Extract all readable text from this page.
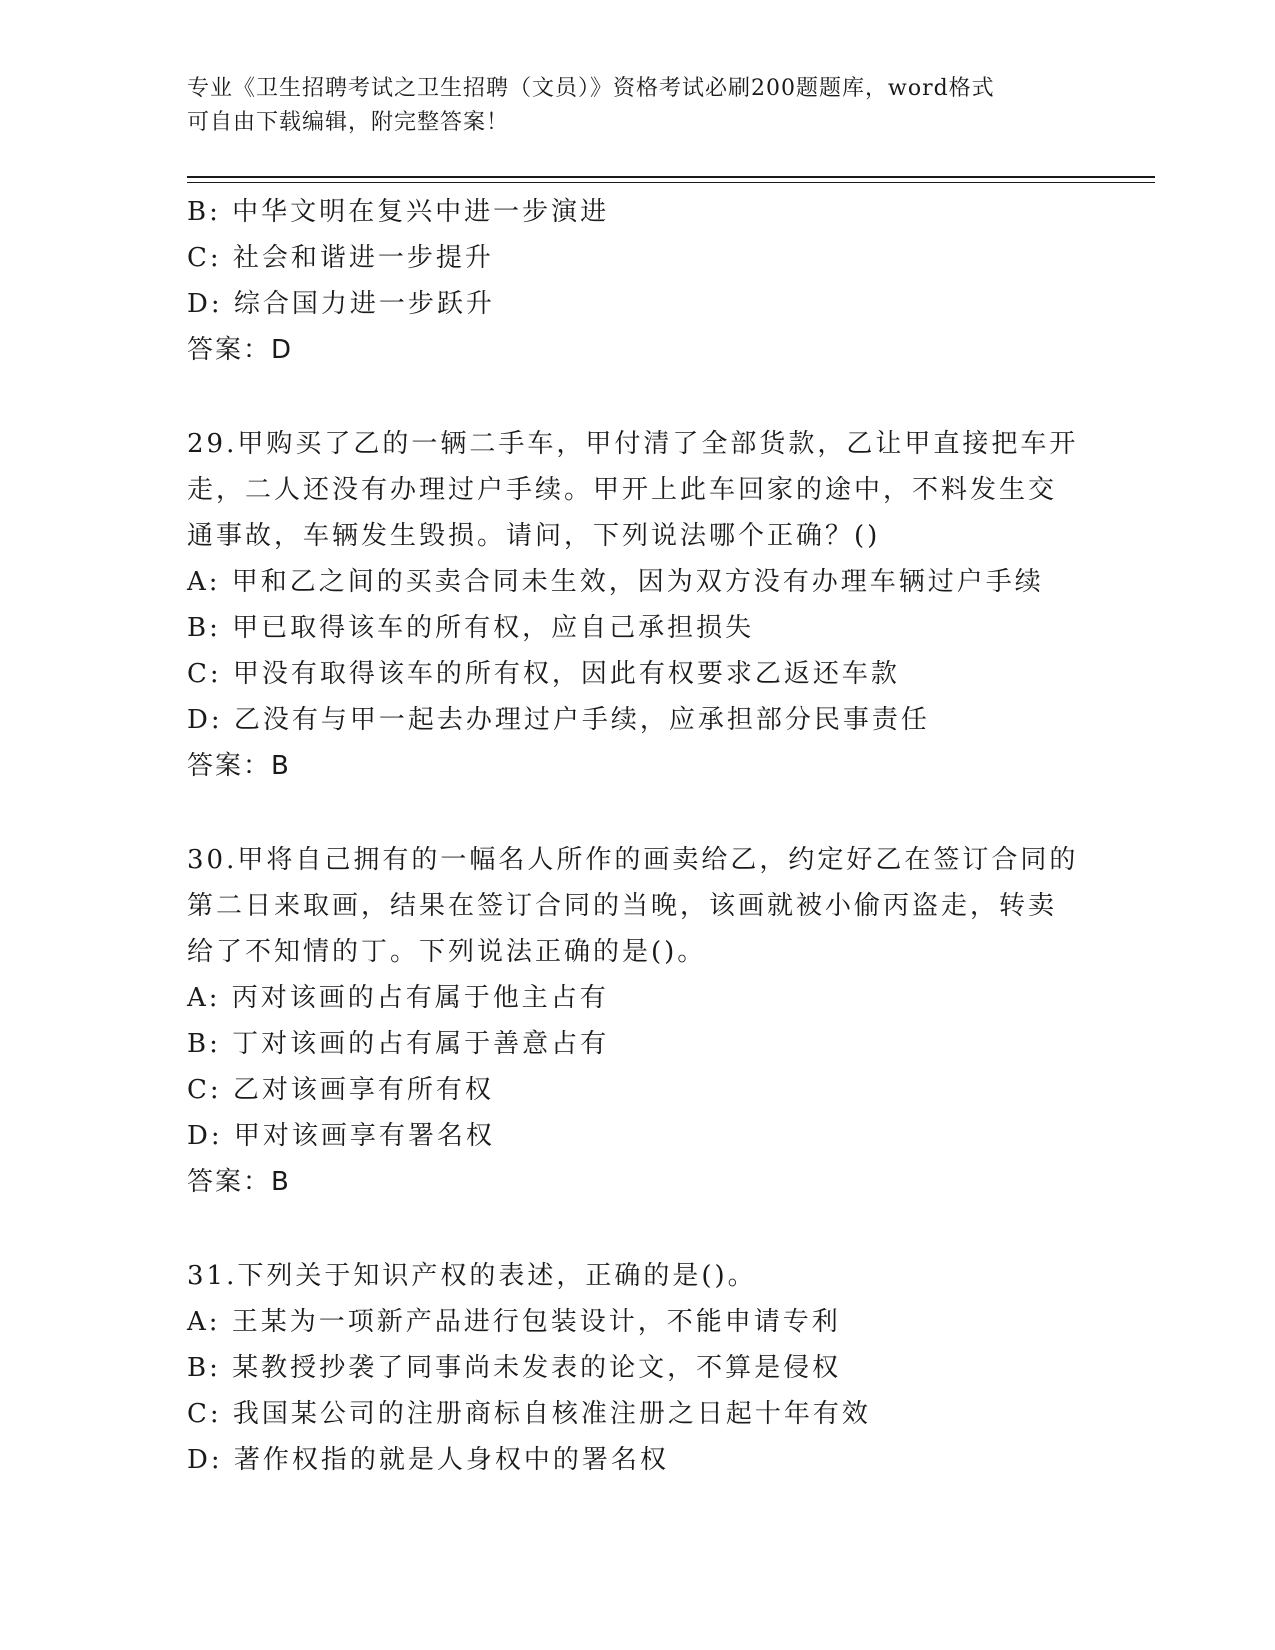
专业《卫生招聘考试之卫生招聘（文员）》资格考试必刷200题题库，word格式
可自由下载编辑，附完整答案！
B: 中华文明在复兴中进一步演进
C: 社会和谐进一步提升
D: 综合国力进一步跃升
答案：D
29.甲购买了乙的一辆二手车，甲付清了全部货款，乙让甲直接把车开
走，二人还没有办理过户手续。甲开上此车回家的途中，不料发生交
通事故，车辆发生毁损。请问，下列说法哪个正确？()
A: 甲和乙之间的买卖合同未生效，因为双方没有办理车辆过户手续
B: 甲已取得该车的所有权，应自己承担损失
C: 甲没有取得该车的所有权，因此有权要求乙返还车款
D: 乙没有与甲一起去办理过户手续，应承担部分民事责任
答案：B
30.甲将自己拥有的一幅名人所作的画卖给乙，约定好乙在签订合同的
第二日来取画，结果在签订合同的当晚，该画就被小偷丙盗走，转卖
给了不知情的丁。下列说法正确的是()。
A: 丙对该画的占有属于他主占有
B: 丁对该画的占有属于善意占有
C: 乙对该画享有所有权
D: 甲对该画享有署名权
答案：B
31.下列关于知识产权的表述，正确的是()。
A: 王某为一项新产品进行包装设计，不能申请专利
B: 某教授抄袭了同事尚未发表的论文，不算是侵权
C: 我国某公司的注册商标自核准注册之日起十年有效
D: 著作权指的就是人身权中的署名权
